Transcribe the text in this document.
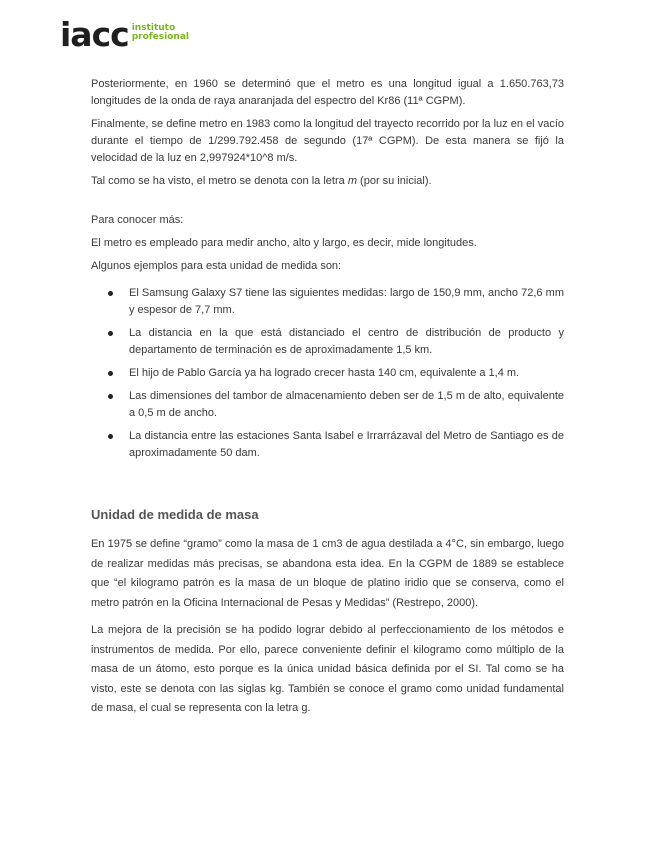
iacc instituto
profesional

Posteriormente, en 1960 se determinó que el metro es una longitud igual a 1.650.763,73 longitudes de la onda de raya anaranjada del espectro del Kr86 (11ª CGPM).

Finalmente, se define metro en 1983 como la longitud del trayecto recorrido por la luz en el vacío durante el tiempo de 1/299.792.458 de segundo (17ª CGPM). De esta manera se fijó la velocidad de la luz en 2,997924*10^8 m/s.

Tal como se ha visto, el metro se denota con la letra m (por su inicial).

Para conocer más:

El metro es empleado para medir ancho, alto y largo, es decir, mide longitudes.

Algunos ejemplos para esta unidad de medida son:

El Samsung Galaxy S7 tiene las siguientes medidas: largo de 150,9 mm, ancho 72,6 mm y espesor de 7,7 mm.
La distancia en la que está distanciado el centro de distribución de producto y departamento de terminación es de aproximadamente 1,5 km.
El hijo de Pablo García ya ha logrado crecer hasta 140 cm, equivalente a 1,4 m.
Las dimensiones del tambor de almacenamiento deben ser de 1,5 m de alto, equivalente a 0,5 m de ancho.
La distancia entre las estaciones Santa Isabel e Irrarrázaval del Metro de Santiago es de aproximadamente 50 dam.
Unidad de medida de masa

En 1975 se define “gramo” como la masa de 1 cm3 de agua destilada a 4°C, sin embargo, luego de realizar medidas más precisas, se abandona esta idea. En la CGPM de 1889 se establece que “el kilogramo patrón es la masa de un bloque de platino iridio que se conserva, como el metro patrón en la Oficina Internacional de Pesas y Medidas” (Restrepo, 2000).

La mejora de la precisión se ha podido lograr debido al perfeccionamiento de los métodos e instrumentos de medida. Por ello, parece conveniente definir el kilogramo como múltiplo de la masa de un átomo, esto porque es la única unidad básica definida por el SI. Tal como se ha visto, este se denota con las siglas kg. También se conoce el gramo como unidad fundamental de masa, el cual se representa con la letra g.
